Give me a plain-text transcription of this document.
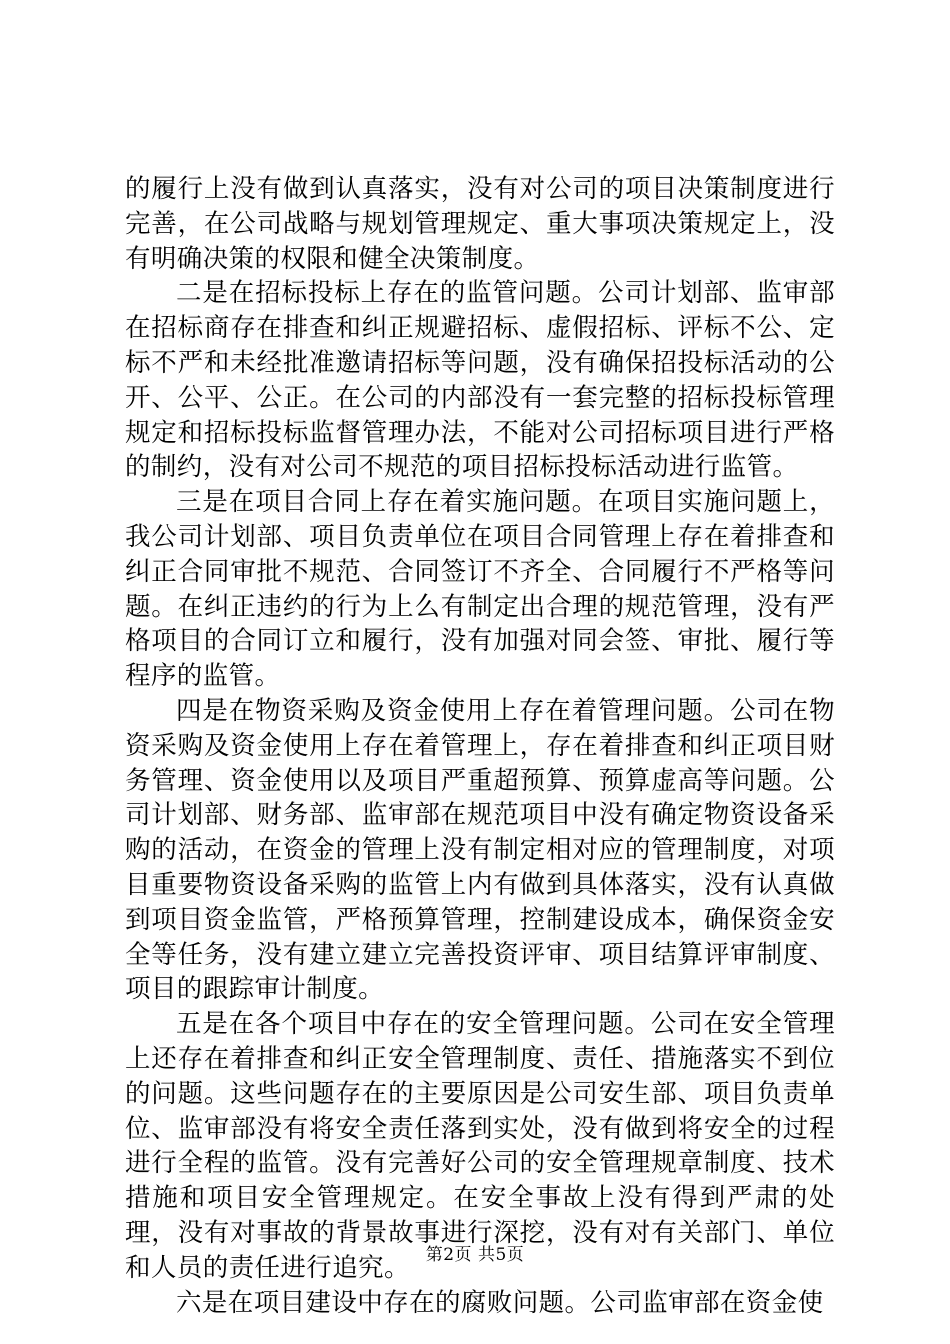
的履行上没有做到认真落实，没有对公司的项目决策制度进行完善，在公司战略与规划管理规定、重大事项决策规定上，没有明确决策的权限和健全决策制度。

二是在招标投标上存在的监管问题。公司计划部、监审部在招标商存在排查和纠正规避招标、虚假招标、评标不公、定标不严和未经批准邀请招标等问题，没有确保招投标活动的公开、公平、公正。在公司的内部没有一套完整的招标投标管理规定和招标投标监督管理办法，不能对公司招标项目进行严格的制约，没有对公司不规范的项目招标投标活动进行监管。

三是在项目合同上存在着实施问题。在项目实施问题上，我公司计划部、项目负责单位在项目合同管理上存在着排查和纠正合同审批不规范、合同签订不齐全、合同履行不严格等问题。在纠正违约的行为上么有制定出合理的规范管理，没有严格项目的合同订立和履行，没有加强对同会签、审批、履行等程序的监管。

四是在物资采购及资金使用上存在着管理问题。公司在物资采购及资金使用上存在着管理上，存在着排查和纠正项目财务管理、资金使用以及项目严重超预算、预算虚高等问题。公司计划部、财务部、监审部在规范项目中没有确定物资设备采购的活动，在资金的管理上没有制定相对应的管理制度，对项目重要物资设备采购的监管上内有做到具体落实，没有认真做到项目资金监管，严格预算管理，控制建设成本，确保资金安全等任务，没有建立建立完善投资评审、项目结算评审制度、项目的跟踪审计制度。

五是在各个项目中存在的安全管理问题。公司在安全管理上还存在着排查和纠正安全管理制度、责任、措施落实不到位的问题。这些问题存在的主要原因是公司安生部、项目负责单位、监审部没有将安全责任落到实处，没有做到将安全的过程进行全程的监管。没有完善好公司的安全管理规章制度、技术措施和项目安全管理规定。在安全事故上没有得到严肃的处理，没有对事故的背景故事进行深挖，没有对有关部门、单位和人员的责任进行追究。

六是在项目建设中存在的腐败问题。公司监审部在资金使

第2页 共5页
